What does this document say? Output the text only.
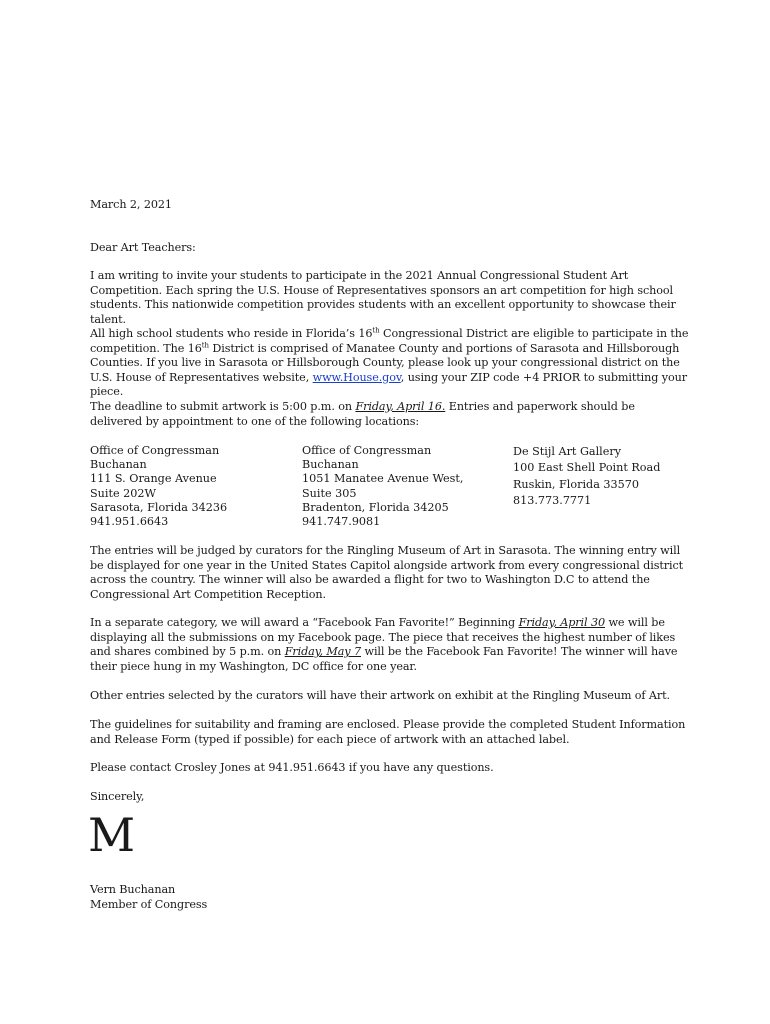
March 2, 2021
Dear Art Teachers:
I am writing to invite your students to participate in the 2021 Annual Congressional Student Art Competition. Each spring the U.S. House of Representatives sponsors an art competition for high school students. This nationwide competition provides students with an excellent opportunity to showcase their talent.
All high school students who reside in Florida’s 16th Congressional District are eligible to participate in the competition. The 16th District is comprised of Manatee County and portions of Sarasota and Hillsborough Counties. If you live in Sarasota or Hillsborough County, please look up your congressional district on the U.S. House of Representatives website, www.House.gov, using your ZIP code +4 PRIOR to submitting your piece.
The deadline to submit artwork is 5:00 p.m. on Friday, April 16. Entries and paperwork should be delivered by appointment to one of the following locations:
Office of Congressman
Buchanan
111 S. Orange Avenue
Suite 202W
Sarasota, Florida 34236
941.951.6643
Office of Congressman
Buchanan
1051 Manatee Avenue West,
Suite 305
Bradenton, Florida 34205
941.747.9081
De Stijl Art Gallery
100 East Shell Point Road
Ruskin, Florida 33570
813.773.7771
The entries will be judged by curators for the Ringling Museum of Art in Sarasota. The winning entry will be displayed for one year in the United States Capitol alongside artwork from every congressional district across the country. The winner will also be awarded a flight for two to Washington D.C to attend the Congressional Art Competition Reception.
In a separate category, we will award a “Facebook Fan Favorite!” Beginning Friday, April 30 we will be displaying all the submissions on my Facebook page. The piece that receives the highest number of likes and shares combined by 5 p.m. on Friday, May 7 will be the Facebook Fan Favorite! The winner will have their piece hung in my Washington, DC office for one year.
Other entries selected by the curators will have their artwork on exhibit at the Ringling Museum of Art.
The guidelines for suitability and framing are enclosed. Please provide the completed Student Information and Release Form (typed if possible) for each piece of artwork with an attached label.
Please contact Crosley Jones at 941.951.6643 if you have any questions.
Sincerely,
M
Vern Buchanan
Member of Congress
